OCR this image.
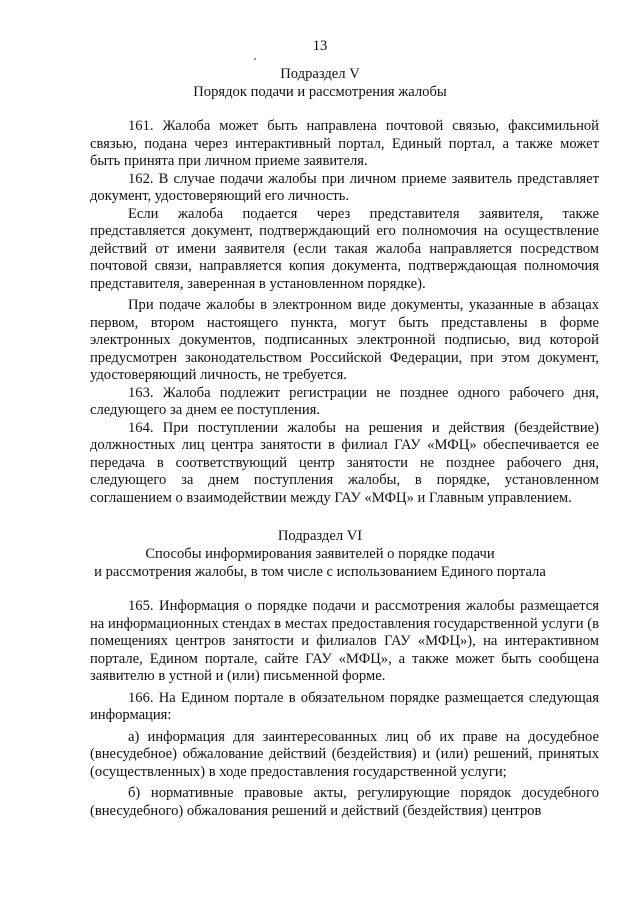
13
Подраздел V
Порядок подачи и рассмотрения жалобы

161. Жалоба может быть направлена почтовой связью, факсимильной связью, подана через интерактивный портал, Единый портал, а также может быть принята при личном приеме заявителя.

162. В случае подачи жалобы при личном приеме заявитель представляет документ, удостоверяющий его личность.

Если жалоба подается через представителя заявителя, также представляется документ, подтверждающий его полномочия на осуществление действий от имени заявителя (если такая жалоба направляется посредством почтовой связи, направляется копия документа, подтверждающая полномочия представителя, заверенная в установленном порядке).

При подаче жалобы в электронном виде документы, указанные в абзацах первом, втором настоящего пункта, могут быть представлены в форме электронных документов, подписанных электронной подписью, вид которой предусмотрен законодательством Российской Федерации, при этом документ, удостоверяющий личность, не требуется.

163. Жалоба подлежит регистрации не позднее одного рабочего дня, следующего за днем ее поступления.

164. При поступлении жалобы на решения и действия (бездействие) должностных лиц центра занятости в филиал ГАУ «МФЦ» обеспечивается ее передача в соответствующий центр занятости не позднее рабочего дня, следующего за днем поступления жалобы, в порядке, установленном соглашением о взаимодействии между ГАУ «МФЦ» и Главным управлением.

Подраздел VI
Способы информирования заявителей о порядке подачи
и рассмотрения жалобы, в том числе с использованием Единого портала

165. Информация о порядке подачи и рассмотрения жалобы размещается на информационных стендах в местах предоставления государственной услуги (в помещениях центров занятости и филиалов ГАУ «МФЦ»), на интерактивном портале, Едином портале, сайте ГАУ «МФЦ», а также может быть сообщена заявителю в устной и (или) письменной форме.

166. На Едином портале в обязательном порядке размещается следующая информация:

а) информация для заинтересованных лиц об их праве на досудебное (внесудебное) обжалование действий (бездействия) и (или) решений, принятых (осуществленных) в ходе предоставления государственной услуги;

б) нормативные правовые акты, регулирующие порядок досудебного (внесудебного) обжалования решений и действий (бездействия) центров
